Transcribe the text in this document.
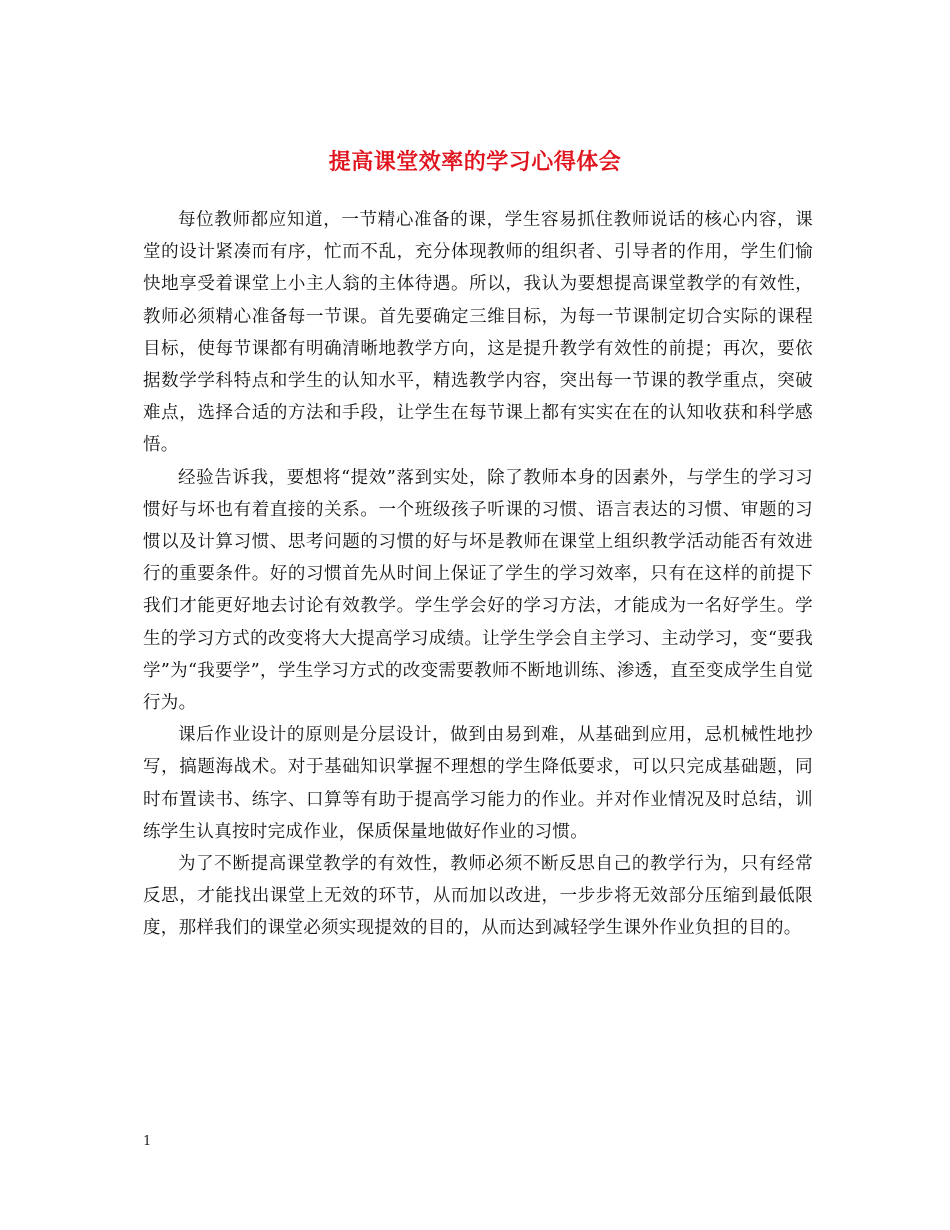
提高课堂效率的学习心得体会

每位教师都应知道，一节精心准备的课，学生容易抓住教师说话的核心内容，课堂的设计紧凑而有序，忙而不乱，充分体现教师的组织者、引导者的作用，学生们愉快地享受着课堂上小主人翁的主体待遇。所以，我认为要想提高课堂教学的有效性，教师必须精心准备每一节课。首先要确定三维目标，为每一节课制定切合实际的课程目标，使每节课都有明确清晰地教学方向，这是提升教学有效性的前提；再次，要依据数学学科特点和学生的认知水平，精选教学内容，突出每一节课的教学重点，突破难点，选择合适的方法和手段，让学生在每节课上都有实实在在的认知收获和科学感悟。

经验告诉我，要想将“提效”落到实处，除了教师本身的因素外，与学生的学习习惯好与坏也有着直接的关系。一个班级孩子听课的习惯、语言表达的习惯、审题的习惯以及计算习惯、思考问题的习惯的好与坏是教师在课堂上组织教学活动能否有效进行的重要条件。好的习惯首先从时间上保证了学生的学习效率，只有在这样的前提下我们才能更好地去讨论有效教学。学生学会好的学习方法，才能成为一名好学生。学生的学习方式的改变将大大提高学习成绩。让学生学会自主学习、主动学习，变“要我学”为“我要学”，学生学习方式的改变需要教师不断地训练、渗透，直至变成学生自觉行为。

课后作业设计的原则是分层设计，做到由易到难，从基础到应用，忌机械性地抄写，搞题海战术。对于基础知识掌握不理想的学生降低要求，可以只完成基础题，同时布置读书、练字、口算等有助于提高学习能力的作业。并对作业情况及时总结，训练学生认真按时完成作业，保质保量地做好作业的习惯。

为了不断提高课堂教学的有效性，教师必须不断反思自己的教学行为，只有经常反思，才能找出课堂上无效的环节，从而加以改进，一步步将无效部分压缩到最低限度，那样我们的课堂必须实现提效的目的，从而达到减轻学生课外作业负担的目的。

1
